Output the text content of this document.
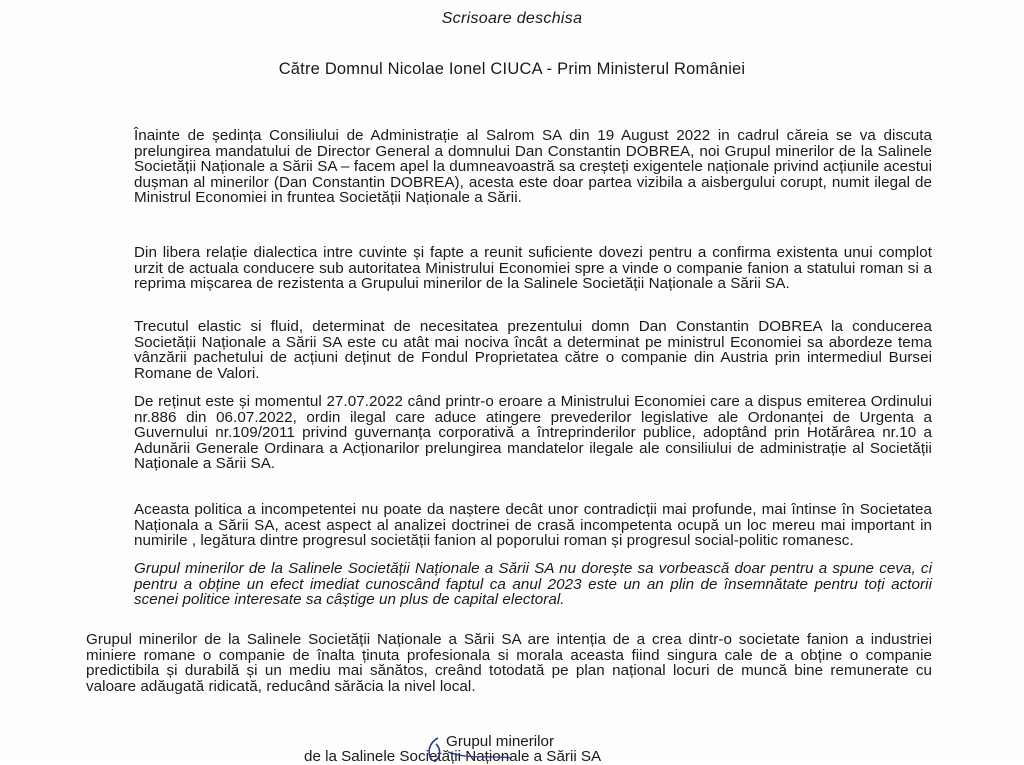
Scrisoare deschisa
Către Domnul Nicolae Ionel CIUCA - Prim Ministerul României

Înainte de ședința Consiliului de Administrație al Salrom SA din 19 August 2022 in cadrul căreia se va discuta prelungirea mandatului de Director General a domnului Dan Constantin DOBREA, noi Grupul minerilor de la Salinele Societății Naționale a Sării SA – facem apel la dumneavoastră sa creșteți exigentele naționale privind acțiunile acestui dușman al minerilor (Dan Constantin DOBREA), acesta este doar partea vizibila a aisbergului corupt, numit ilegal de Ministrul Economiei in fruntea Societății Naționale a Sării.

Din libera relație dialectica intre cuvinte și fapte a reunit suficiente dovezi pentru a confirma existenta unui complot urzit de actuala conducere sub autoritatea Ministrului Economiei spre a vinde o companie fanion a statului roman si a reprima mișcarea de rezistenta a Grupului minerilor de la Salinele Societății Naționale a Sării SA.

Trecutul elastic si fluid, determinat de necesitatea prezentului domn Dan Constantin DOBREA la conducerea Societății Naționale a Sării SA este cu atât mai nociva încât a determinat pe ministrul Economiei sa abordeze tema vânzării pachetului de acțiuni deținut de Fondul Proprietatea către o companie din Austria prin intermediul Bursei Romane de Valori.

De reținut este și momentul 27.07.2022 când printr-o eroare a Ministrului Economiei care a dispus emiterea Ordinului nr.886 din 06.07.2022, ordin ilegal care aduce atingere prevederilor legislative ale Ordonanței de Urgenta a Guvernului nr.109/2011 privind guvernanța corporativă a întreprinderilor publice, adoptând prin Hotărârea nr.10 a Adunării Generale Ordinara a Acționarilor prelungirea mandatelor ilegale ale consiliului de administrație al Societății Naționale a Sării SA.

Aceasta politica a incompetentei nu poate da naștere decât unor contradicții mai profunde, mai întinse în Societatea Naționala a Sării SA, acest aspect al analizei doctrinei de crasă incompetenta ocupă un loc mereu mai important in numirile , legătura dintre progresul societății fanion al poporului roman și progresul social-politic romanesc.

Grupul minerilor de la Salinele Societății Naționale a Sării SA nu dorește sa vorbească doar pentru a spune ceva, ci pentru a obține un efect imediat cunoscând faptul ca anul 2023 este un an plin de însemnătate pentru toți actorii scenei politice interesate sa câștige un plus de capital electoral.

Grupul minerilor de la Salinele Societății Naționale a Sării SA are intenția de a crea dintr-o societate fanion a industriei miniere romane o companie de înalta ținuta profesionala si morala aceasta fiind singura cale de a obține o companie predictibila și durabilă și un mediu mai sănătos, creând totodată pe plan național locuri de muncă bine remunerate cu valoare adăugată ridicată, reducând sărăcia la nivel local.

Grupul minerilor
de la Salinele Societății Naționale a Sării SA
